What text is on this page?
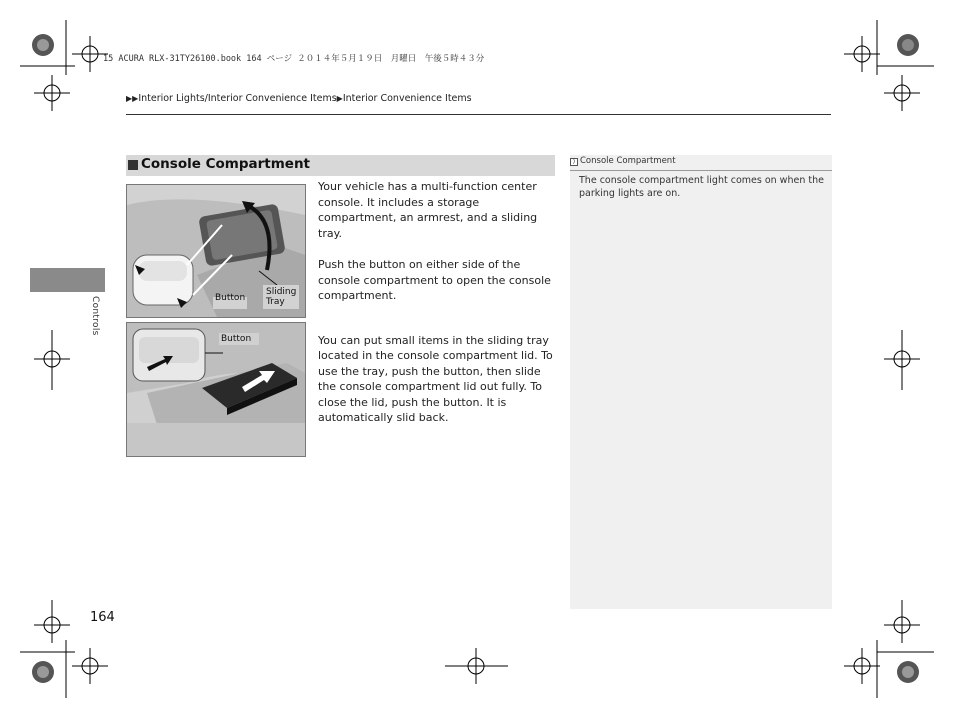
15 ACURA RLX-31TY26100.book 164 ページ ２０１４年５月１９日　月曜日　午後５時４３分
▶▶Interior Lights/Interior Convenience Items▶Interior Convenience Items
Controls
Console Compartment
Button
Sliding
Tray
Button

Your vehicle has a multi-function center console. It includes a storage compartment, an armrest, and a sliding tray.

Push the button on either side of the console compartment to open the console compartment.

You can put small items in the sliding tray located in the console compartment lid. To use the tray, push the button, then slide the console compartment lid out fully. To close the lid, push the button. It is automatically slid back.

⟩ Console Compartment
The console compartment light comes on when the parking lights are on.
164
